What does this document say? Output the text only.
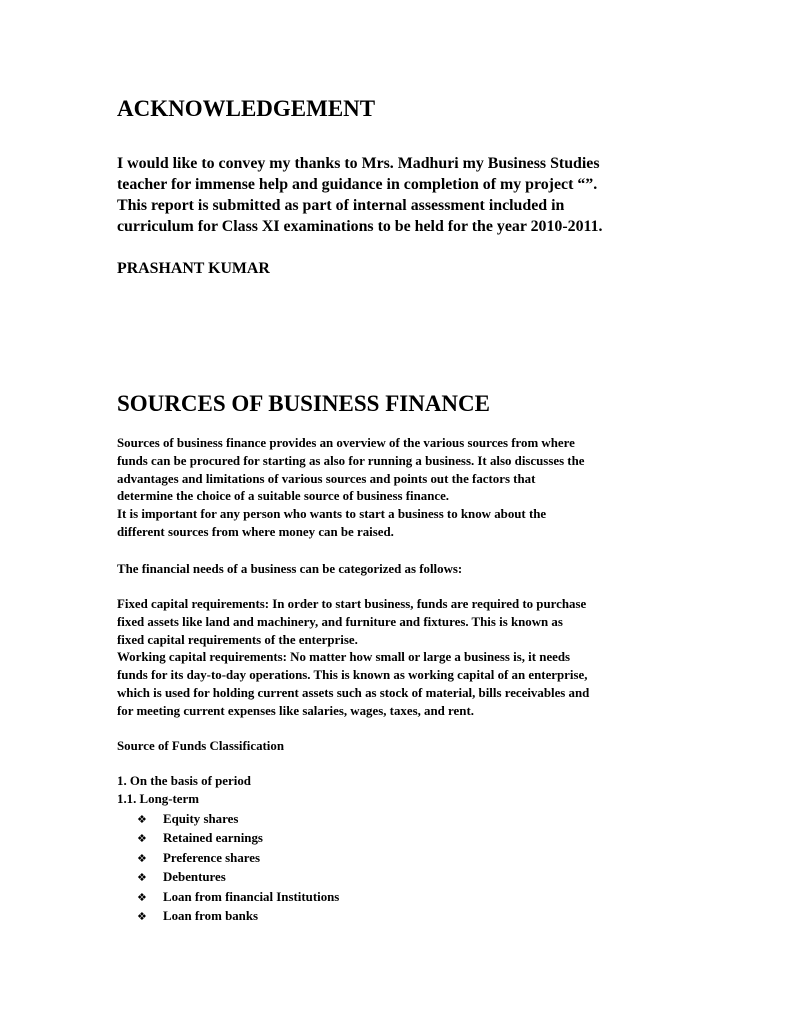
ACKNOWLEDGEMENT

I would like to convey my thanks to Mrs. Madhuri my Business Studies
teacher for immense help and guidance in completion of my project “”.
This report is submitted as part of internal assessment included in
curriculum for Class XI examinations to be held for the year 2010-2011.

PRASHANT KUMAR

SOURCES OF BUSINESS FINANCE

Sources of business finance provides an overview of the various sources from where
funds can be procured for starting as also for running a business. It also discusses the
advantages and limitations of various sources and points out the factors that
determine the choice of a suitable source of business finance.
It is important for any person who wants to start a business to know about the
different sources from where money can be raised.

The financial needs of a business can be categorized as follows:

Fixed capital requirements: In order to start business, funds are required to purchase
fixed assets like land and machinery, and furniture and fixtures. This is known as
fixed capital requirements of the enterprise.
Working capital requirements: No matter how small or large a business is, it needs
funds for its day-to-day operations. This is known as working capital of an enterprise,
which is used for holding current assets such as stock of material, bills receivables and
for meeting current expenses like salaries, wages, taxes, and rent.

Source of Funds Classification

1. On the basis of period
1.1. Long-term

❖ Equity shares
❖ Retained earnings
❖ Preference shares
❖ Debentures
❖ Loan from financial Institutions
❖ Loan from banks
